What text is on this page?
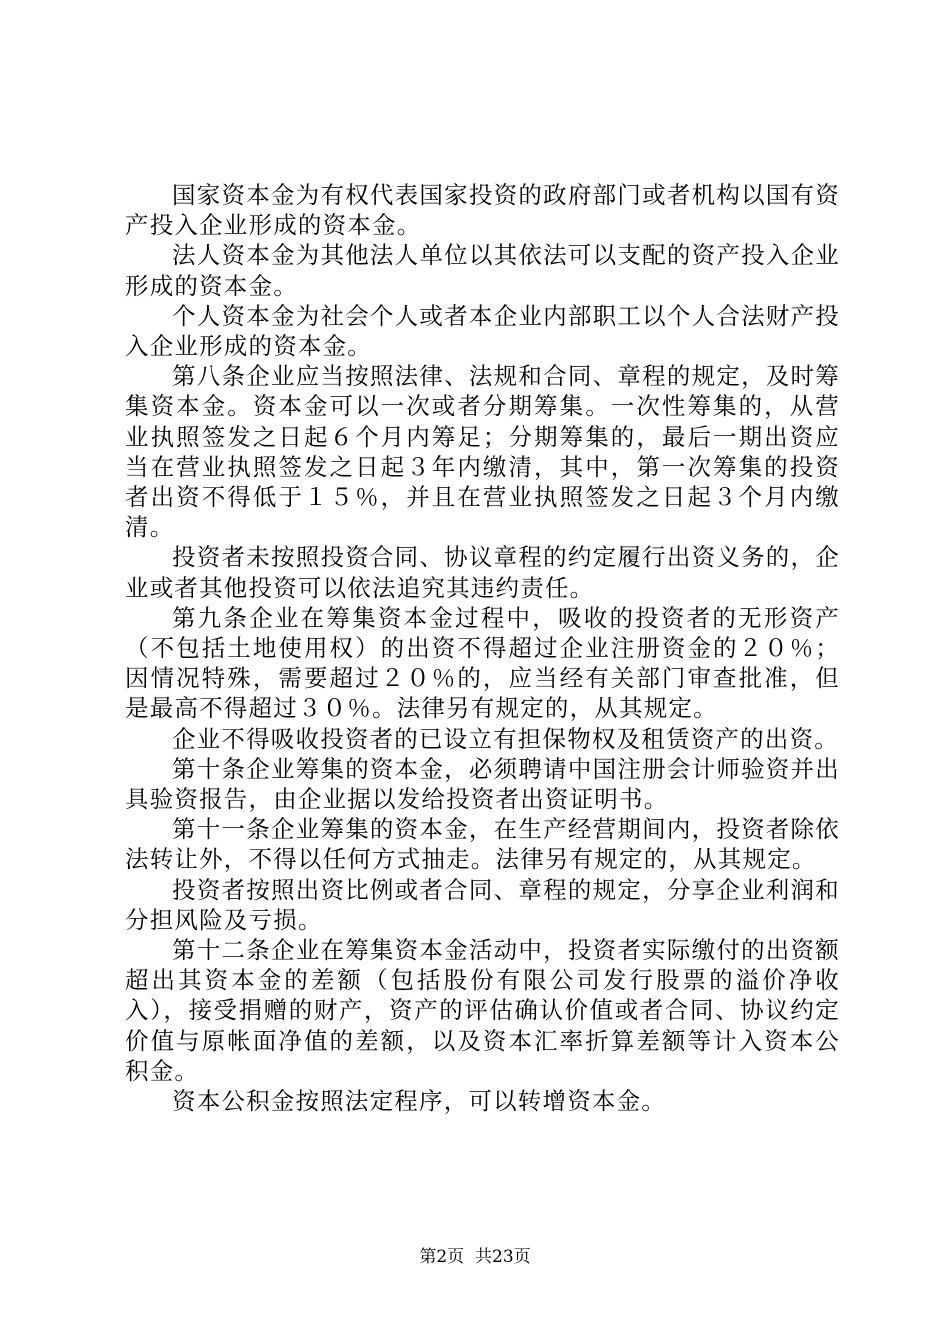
国家资本金为有权代表国家投资的政府部门或者机构以国有资产投入企业形成的资本金。

法人资本金为其他法人单位以其依法可以支配的资产投入企业形成的资本金。

个人资本金为社会个人或者本企业内部职工以个人合法财产投入企业形成的资本金。

第八条企业应当按照法律、法规和合同、章程的规定，及时筹集资本金。资本金可以一次或者分期筹集。一次性筹集的，从营业执照签发之日起６个月内筹足；分期筹集的，最后一期出资应当在营业执照签发之日起３年内缴清，其中，第一次筹集的投资者出资不得低于１５％，并且在营业执照签发之日起３个月内缴清。

投资者未按照投资合同、协议章程的约定履行出资义务的，企业或者其他投资可以依法追究其违约责任。

第九条企业在筹集资本金过程中，吸收的投资者的无形资产（不包括土地使用权）的出资不得超过企业注册资金的２０％；因情况特殊，需要超过２０％的，应当经有关部门审查批准，但是最高不得超过３０％。法律另有规定的，从其规定。

企业不得吸收投资者的已设立有担保物权及租赁资产的出资。

第十条企业筹集的资本金，必须聘请中国注册会计师验资并出具验资报告，由企业据以发给投资者出资证明书。

第十一条企业筹集的资本金，在生产经营期间内，投资者除依法转让外，不得以任何方式抽走。法律另有规定的，从其规定。

投资者按照出资比例或者合同、章程的规定，分享企业利润和分担风险及亏损。

第十二条企业在筹集资本金活动中，投资者实际缴付的出资额超出其资本金的差额（包括股份有限公司发行股票的溢价净收入），接受捐赠的财产，资产的评估确认价值或者合同、协议约定价值与原帐面净值的差额，以及资本汇率折算差额等计入资本公积金。

资本公积金按照法定程序，可以转增资本金。

第2页 共23页
